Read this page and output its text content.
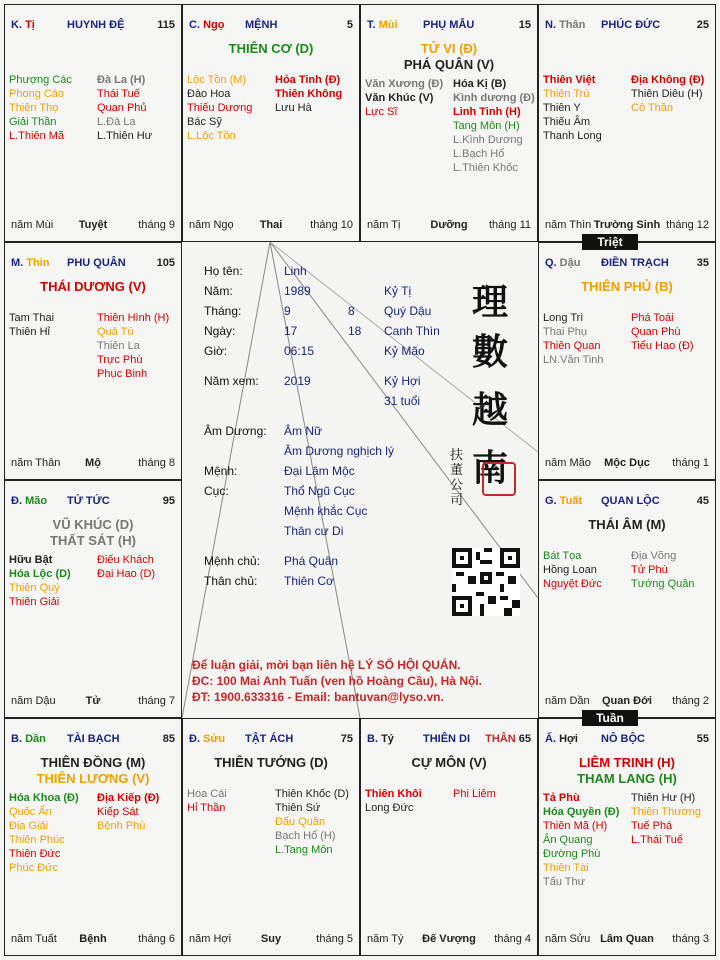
K. Tị	HUYNH ĐỆ	115
Phượng Các
Phong Cáo
Thiên Thọ
Giải Thần
L.Thiên Mã
Đà La (H)
Thái Tuế
Quan Phủ
L.Đà La
L.Thiên Hư
năm Mùi	Tuyệt	tháng 9
C. Ngọ MỆNH	5
THIÊN CƠ (D)
Lộc Tồn (M)
Đào Hoa
Thiếu Dương
Bác Sỹ
L.Lộc Tồn
Hỏa Tinh (Đ)
Thiên Không
Lưu Hà
năm Ngọ	Thai	tháng 10
T. Mùi PHỤ MẪU	15
TỬ VI (Đ)
PHÁ QUÂN (V)
Văn Xương (Đ)
Văn Khúc (V)
Lực Sĩ
Hóa Kị (B)
Kình dương (Đ)
Linh Tinh (H)
Tang Môn (H)
L.Kình Dương
L.Bạch Hổ
L.Thiên Khốc
năm Tị	Dưỡng	tháng 11
N. Thân PHÚC ĐỨC	25
Thiên Việt
Thiên Trù
Thiên Y
Thiếu Âm
Thanh Long
Địa Không (Đ)
Thiên Diêu (H)
Cô Thần
năm Thìn Trường Sinh tháng 12
M. Thìn PHU QUÂN	105
THÁI DƯƠNG (V)
Tam Thai
Thiên Hỉ
Thiên Hình (H)
Quả Tú
Thiên La
Trực Phù
Phục Binh
năm Thân	Mộ	tháng 8
Q. Dậu ĐIỀN TRẠCH	35
THIÊN PHỦ (B)
Long Trì
Thai Phụ
Thiên Quan
LN.Văn Tinh
Phá Toái
Quan Phù
Tiểu Hao (Đ)
năm Mão	Mộc Dục	tháng 1
Đ. Mão TỬ TỨC	95
VŨ KHÚC (D)
THẤT SÁT (H)
Hữu Bật
Hóa Lộc (D)
Thiên Quý
Thiên Giải
Điếu Khách
Đại Hao (D)
năm Dậu	Tử	tháng 7
G. Tuất QUAN LỘC	45
THÁI ÂM (M)
Bát Tọa
Hồng Loan
Nguyệt Đức
Địa Võng
Tử Phù
Tướng Quân
năm Dần	Quan Đới	tháng 2
B. Dần TÀI BẠCH	85
THIÊN ĐỒNG (M)
THIÊN LƯƠNG (V)
Hóa Khoa (Đ)
Quốc Ấn
Địa Giải
Thiên Phúc
Thiên Đức
Phúc Đức
Địa Kiếp (Đ)
Kiếp Sát
Bệnh Phù
năm Tuất	Bệnh	tháng 6
Đ. Sửu TẬT ÁCH	75
THIÊN TƯỚNG (D)
Hoa Cái
Hỉ Thần
Thiên Khốc (D)
Thiên Sứ
Đẩu Quân
Bạch Hổ (H)
L.Tang Môn
năm Hợi	Suy	tháng 5
B. Tý	THIÊN DI THÂN 65
CỰ MÔN (V)
Thiên Khôi
Long Đức
Phi Liêm
năm Tý	Đế Vượng	tháng 4
Ấ. Hợi NÔ BỘC	55
LIÊM TRINH (H)
THAM LANG (H)
Tả Phù
Hóa Quyền (Đ)
Thiên Mã (H)
Ân Quang
Đường Phù
Thiên Tài
Tấu Thư
Thiên Hư (H)
Thiên Thương
Tuế Phá
L.Thái Tuế
năm Sửu Lâm Quan	tháng 3
Triệt
Tuần
Họ tên:	Linh
Năm:	1989	Kỷ Tị
Tháng:	9	8 Quý Dậu
Ngày:	17	18 Canh Thìn
Giờ:	06:15	Kỷ Mão
Năm xem: 2019	Kỷ Hợi
31 tuổi
Âm Dương: Âm Nữ
Âm Dương nghịch lý
Mệnh:	Đại Lâm Mộc
Cục:	Thổ Ngũ Cục
Mệnh khắc Cục
Thân cư Di
Mệnh chủ: Phá Quân
Thân chủ: Thiên Cơ
理
數
越
南
扶
董
公
司
Để luận giải, mời bạn liên hệ LÝ SỐ HỘI QUÁN.
ĐC: 100 Mai Anh Tuấn (ven hồ Hoàng Cầu), Hà Nội.
ĐT: 1900.633316 - Email: bantuvan@lyso.vn.
